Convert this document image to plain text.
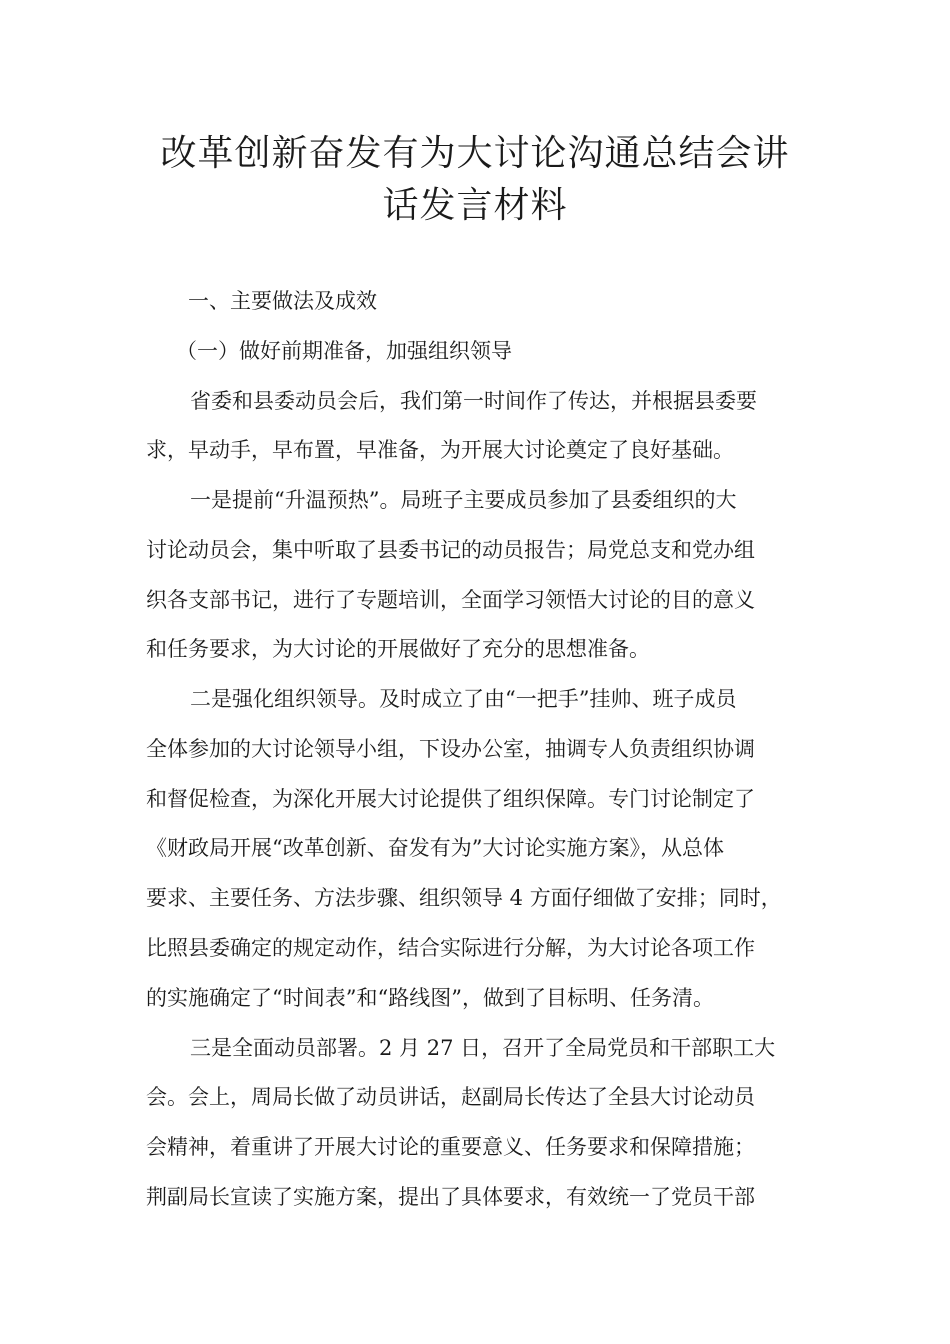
改革创新奋发有为大讨论沟通总结会讲
话发言材料

一、主要做法及成效

（一）做好前期准备，加强组织领导

省委和县委动员会后，我们第一时间作了传达，并根据县委要

求，早动手，早布置，早准备，为开展大讨论奠定了良好基础。

一是提前“升温预热”。局班子主要成员参加了县委组织的大

讨论动员会，集中听取了县委书记的动员报告；局党总支和党办组

织各支部书记，进行了专题培训，全面学习领悟大讨论的目的意义

和任务要求，为大讨论的开展做好了充分的思想准备。

二是强化组织领导。及时成立了由“一把手”挂帅、班子成员

全体参加的大讨论领导小组，下设办公室，抽调专人负责组织协调

和督促检查，为深化开展大讨论提供了组织保障。专门讨论制定了

《财政局开展“改革创新、奋发有为”大讨论实施方案》，从总体

要求、主要任务、方法步骤、组织领导 4 方面仔细做了安排；同时，

比照县委确定的规定动作，结合实际进行分解，为大讨论各项工作

的实施确定了“时间表”和“路线图”，做到了目标明、任务清。

三是全面动员部署。2 月 27 日，召开了全局党员和干部职工大

会。会上，周局长做了动员讲话，赵副局长传达了全县大讨论动员

会精神，着重讲了开展大讨论的重要意义、任务要求和保障措施；

荆副局长宣读了实施方案，提出了具体要求，有效统一了党员干部
